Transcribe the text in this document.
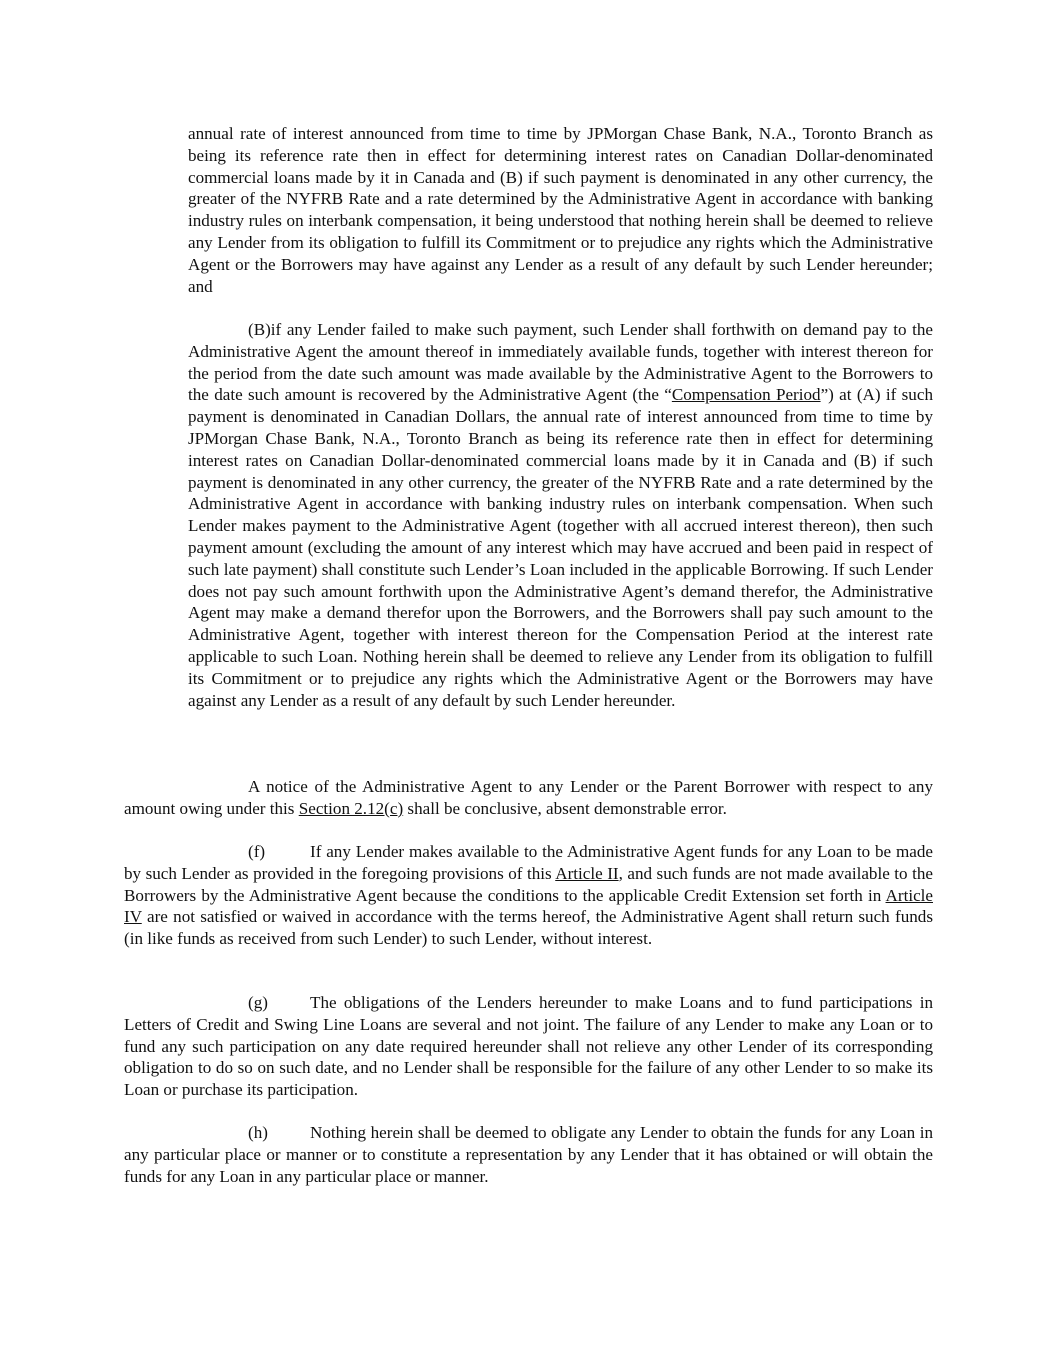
annual rate of interest announced from time to time by JPMorgan Chase Bank, N.A., Toronto Branch as being its reference rate then in effect for determining interest rates on Canadian Dollar-denominated commercial loans made by it in Canada and (B) if such payment is denominated in any other currency, the greater of the NYFRB Rate and a rate determined by the Administrative Agent in accordance with banking industry rules on interbank compensation, it being understood that nothing herein shall be deemed to relieve any Lender from its obligation to fulfill its Commitment or to prejudice any rights which the Administrative Agent or the Borrowers may have against any Lender as a result of any default by such Lender hereunder; and

(B)if any Lender failed to make such payment, such Lender shall forthwith on demand pay to the Administrative Agent the amount thereof in immediately available funds, together with interest thereon for the period from the date such amount was made available by the Administrative Agent to the Borrowers to the date such amount is recovered by the Administrative Agent (the “Compensation Period”) at (A) if such payment is denominated in Canadian Dollars, the annual rate of interest announced from time to time by JPMorgan Chase Bank, N.A., Toronto Branch as being its reference rate then in effect for determining interest rates on Canadian Dollar-denominated commercial loans made by it in Canada and (B) if such payment is denominated in any other currency, the greater of the NYFRB Rate and a rate determined by the Administrative Agent in accordance with banking industry rules on interbank compensation. When such Lender makes payment to the Administrative Agent (together with all accrued interest thereon), then such payment amount (excluding the amount of any interest which may have accrued and been paid in respect of such late payment) shall constitute such Lender’s Loan included in the applicable Borrowing. If such Lender does not pay such amount forthwith upon the Administrative Agent’s demand therefor, the Administrative Agent may make a demand therefor upon the Borrowers, and the Borrowers shall pay such amount to the Administrative Agent, together with interest thereon for the Compensation Period at the interest rate applicable to such Loan. Nothing herein shall be deemed to relieve any Lender from its obligation to fulfill its Commitment or to prejudice any rights which the Administrative Agent or the Borrowers may have against any Lender as a result of any default by such Lender hereunder.

A notice of the Administrative Agent to any Lender or the Parent Borrower with respect to any amount owing under this Section 2.12(c) shall be conclusive, absent demonstrable error.

(f)	If any Lender makes available to the Administrative Agent funds for any Loan to be made by such Lender as provided in the foregoing provisions of this Article II, and such funds are not made available to the Borrowers by the Administrative Agent because the conditions to the applicable Credit Extension set forth in Article IV are not satisfied or waived in accordance with the terms hereof, the Administrative Agent shall return such funds (in like funds as received from such Lender) to such Lender, without interest.

(g) The obligations of the Lenders hereunder to make Loans and to fund participations in Letters of Credit and Swing Line Loans are several and not joint. The failure of any Lender to make any Loan or to fund any such participation on any date required hereunder shall not relieve any other Lender of its corresponding obligation to do so on such date, and no Lender shall be responsible for the failure of any other Lender to so make its Loan or purchase its participation.

(h) Nothing herein shall be deemed to obligate any Lender to obtain the funds for any Loan in any particular place or manner or to constitute a representation by any Lender that it has obtained or will obtain the funds for any Loan in any particular place or manner.
